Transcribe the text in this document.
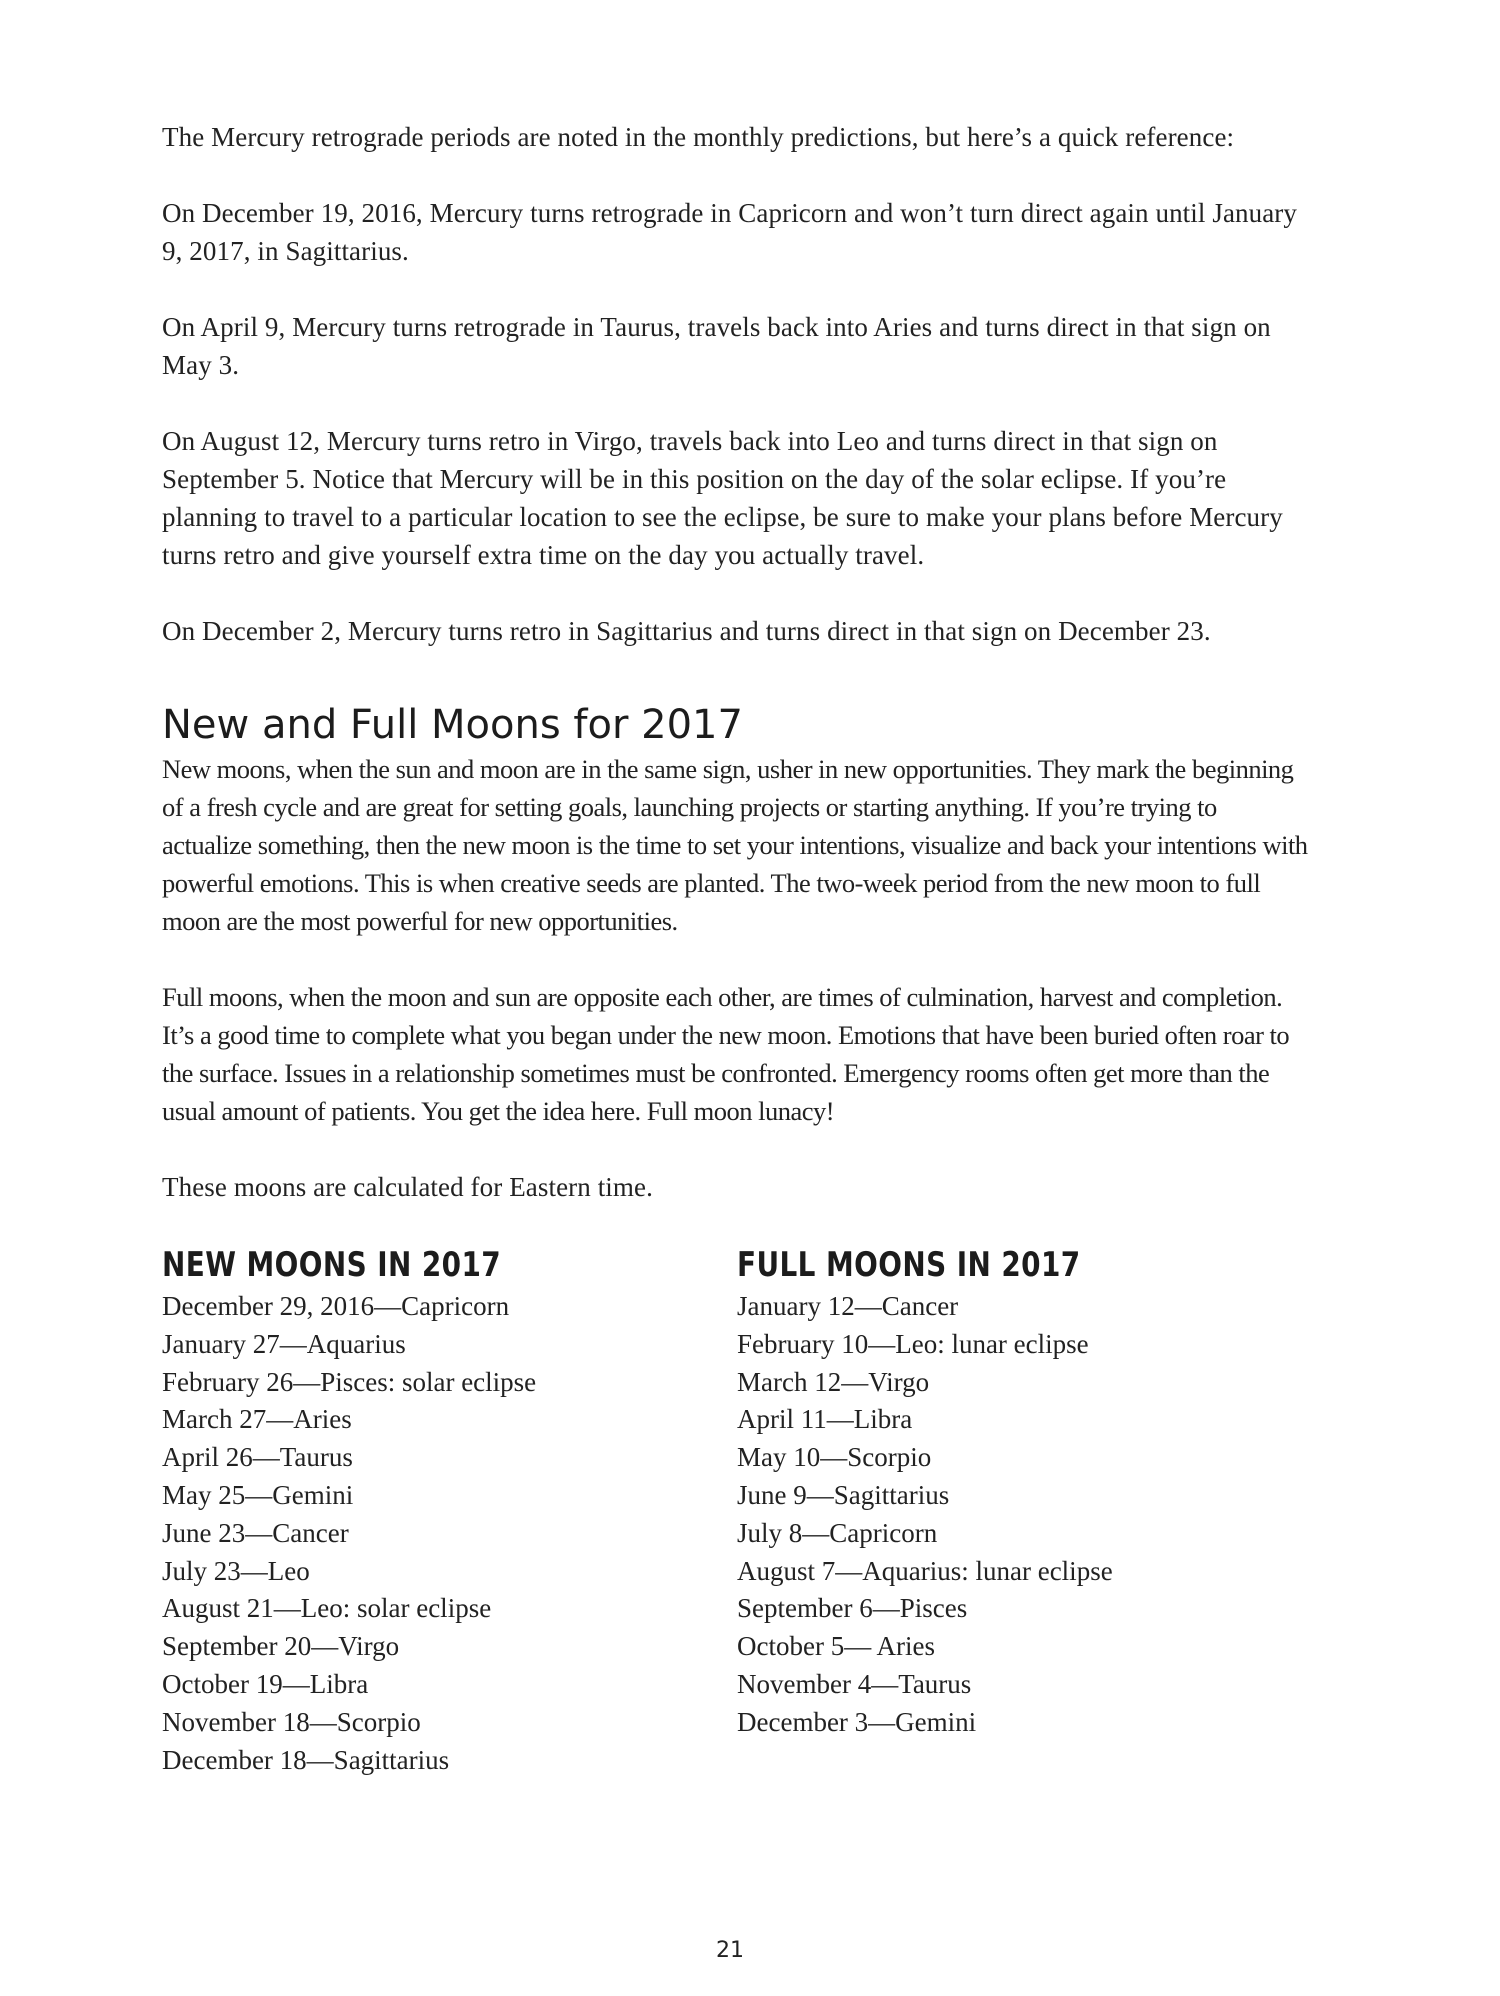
The Mercury retrograde periods are noted in the monthly predictions, but here’s a quick reference:

On December 19, 2016, Mercury turns retrograde in Capricorn and won’t turn direct again until January 9, 2017, in Sagittarius.

On April 9, Mercury turns retrograde in Taurus, travels back into Aries and turns direct in that sign on May 3.

On August 12, Mercury turns retro in Virgo, travels back into Leo and turns direct in that sign on September 5. Notice that Mercury will be in this position on the day of the solar eclipse. If you’re planning to travel to a particular location to see the eclipse, be sure to make your plans before Mercury turns retro and give yourself extra time on the day you actually travel.

On December 2, Mercury turns retro in Sagittarius and turns direct in that sign on December 23.

New and Full Moons for 2017

New moons, when the sun and moon are in the same sign, usher in new opportunities. They mark the beginning of a fresh cycle and are great for setting goals, launching projects or starting anything. If you’re trying to actualize something, then the new moon is the time to set your intentions, visualize and back your intentions with powerful emotions. This is when creative seeds are planted. The two-week period from the new moon to full moon are the most powerful for new opportunities.

Full moons, when the moon and sun are opposite each other, are times of culmination, harvest and completion. It’s a good time to complete what you began under the new moon. Emotions that have been buried often roar to the surface. Issues in a relationship sometimes must be confronted. Emergency rooms often get more than the usual amount of patients. You get the idea here. Full moon lunacy!

These moons are calculated for Eastern time.

NEW MOONS IN 2017
December 29, 2016—Capricorn
January 27—Aquarius
February 26—Pisces: solar eclipse
March 27—Aries
April 26—Taurus
May 25—Gemini
June 23—Cancer
July 23—Leo
August 21—Leo: solar eclipse
September 20—Virgo
October 19—Libra
November 18—Scorpio
December 18—Sagittarius
FULL MOONS IN 2017
January 12—Cancer
February 10—Leo: lunar eclipse
March 12—Virgo
April 11—Libra
May 10—Scorpio
June 9—Sagittarius
July 8—Capricorn
August 7—Aquarius: lunar eclipse
September 6—Pisces
October 5— Aries
November 4—Taurus
December 3—Gemini
21
